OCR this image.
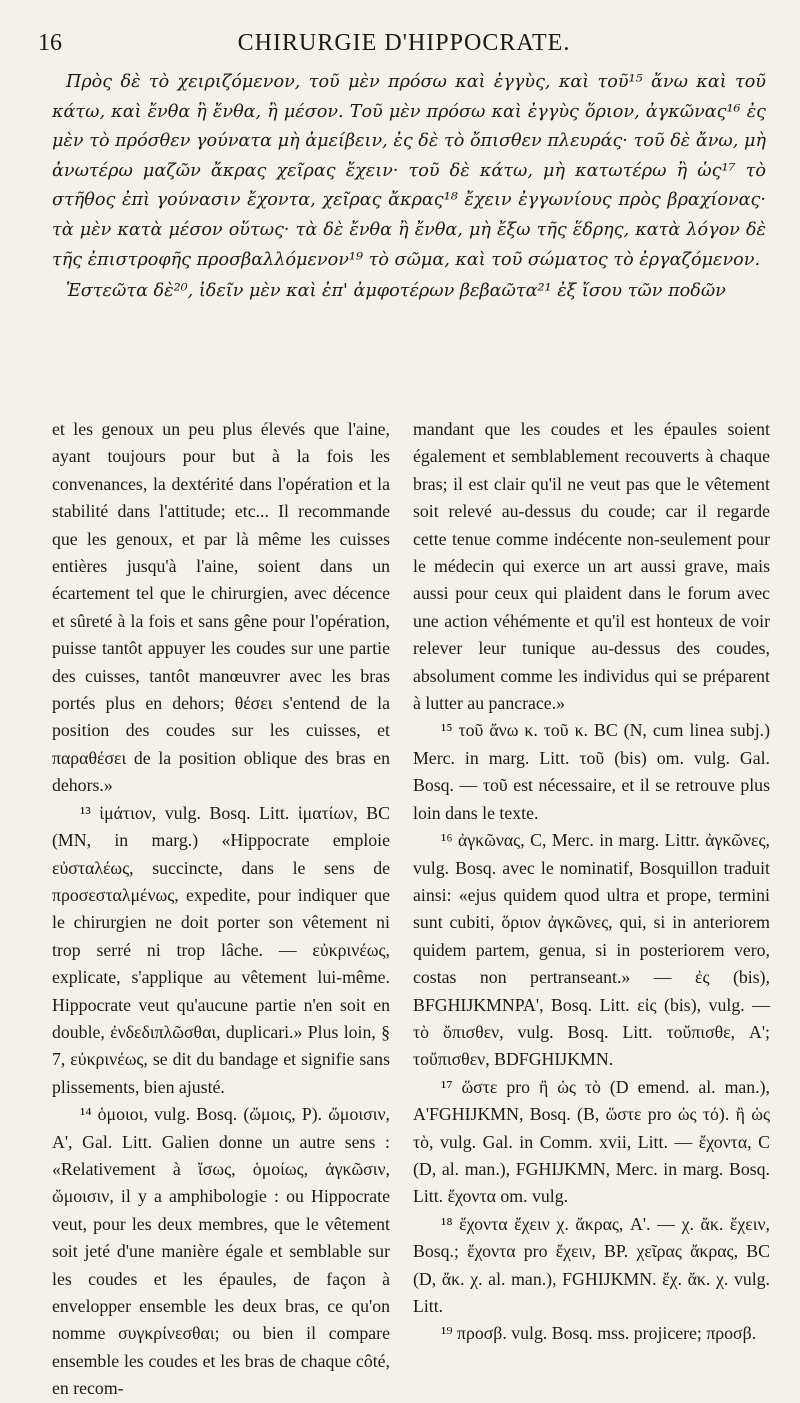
16	CHIRURGIE D'HIPPOCRATE.

Πρὸς δὲ τὸ χειριζόμενον, τοῦ μὲν πρόσω καὶ ἐγγὺς, καὶ τοῦ¹⁵ ἄνω καὶ τοῦ κάτω, καὶ ἔνθα ἢ ἔνθα, ἢ μέσον. Τοῦ μὲν πρόσω καὶ ἐγγὺς ὅριον, ἀγκῶνας¹⁶ ἐς μὲν τὸ πρόσθεν γούνατα μὴ ἀμείβειν, ἐς δὲ τὸ ὄπισθεν πλευράς· τοῦ δὲ ἄνω, μὴ ἀνωτέρω μαζῶν ἄκρας χεῖρας ἔχειν· τοῦ δὲ κάτω, μὴ κατωτέρω ἢ ὡς¹⁷ τὸ στῆθος ἐπὶ γούνασιν ἔχοντα, χεῖρας ἄκρας¹⁸ ἔχειν ἐγγωνίους πρὸς βραχίονας· τὰ μὲν κατὰ μέσον οὕτως· τὰ δὲ ἔνθα ἢ ἔνθα, μὴ ἔξω τῆς ἕδρης, κατὰ λόγον δὲ τῆς ἐπιστροφῆς προσβαλλόμενον¹⁹ τὸ σῶμα, καὶ τοῦ σώματος τὸ ἐργαζόμενον.

Ἑστεῶτα δὲ²⁰, ἰδεῖν μὲν καὶ ἐπ' ἀμφοτέρων βεβαῶτα²¹ ἐξ ἴσου τῶν ποδῶν

et les genoux un peu plus élevés que l'aine, ayant toujours pour but à la fois les convenances, la dextérité dans l'opération et la stabilité dans l'attitude; etc... Il recommande que les genoux, et par là même les cuisses entières jusqu'à l'aine, soient dans un écartement tel que le chirurgien, avec décence et sûreté à la fois et sans gêne pour l'opération, puisse tantôt appuyer les coudes sur une partie des cuisses, tantôt manœuvrer avec les bras portés plus en dehors; θέσει s'entend de la position des coudes sur les cuisses, et παραθέσει de la position oblique des bras en dehors.»

¹³ ἱμάτιον, vulg. Bosq. Litt. ἱματίων, BC (MN, in marg.) «Hippocrate emploie εὐσταλέως, succincte, dans le sens de προσεσταλμένως, expedite, pour indiquer que le chirurgien ne doit porter son vêtement ni trop serré ni trop lâche. — εὐκρινέως, explicate, s'applique au vêtement lui-même. Hippocrate veut qu'aucune partie n'en soit en double, ἐνδεδιπλῶσθαι, duplicari.» Plus loin, § 7, εὐκρινέως, se dit du bandage et signifie sans plissements, bien ajusté.

¹⁴ ὁμοιοι, vulg. Bosq. (ὤμοις, P). ὤμοισιν, A', Gal. Litt. Galien donne un autre sens : «Relativement à ἴσως, ὁμοίως, ἀγκῶσιν, ὤμοισιν, il y a amphibologie : ou Hippocrate veut, pour les deux membres, que le vêtement soit jeté d'une manière égale et semblable sur les coudes et les épaules, de façon à envelopper ensemble les deux bras, ce qu'on nomme συγκρίνεσθαι; ou bien il compare ensemble les coudes et les bras de chaque côté, en recom-

mandant que les coudes et les épaules soient également et semblablement recouverts à chaque bras; il est clair qu'il ne veut pas que le vêtement soit relevé au-dessus du coude; car il regarde cette tenue comme indécente non-seulement pour le médecin qui exerce un art aussi grave, mais aussi pour ceux qui plaident dans le forum avec une action véhémente et qu'il est honteux de voir relever leur tunique au-dessus des coudes, absolument comme les individus qui se préparent à lutter au pancrace.»

¹⁵ τοῦ ἄνω κ. τοῦ κ. BC (N, cum linea subj.) Merc. in marg. Litt. τοῦ (bis) om. vulg. Gal. Bosq. — τοῦ est nécessaire, et il se retrouve plus loin dans le texte.

¹⁶ ἀγκῶνας, C, Merc. in marg. Littr. ἀγκῶνες, vulg. Bosq. avec le nominatif, Bosquillon traduit ainsi: «ejus quidem quod ultra et prope, termini sunt cubiti, ὅριον ἀγκῶνες, qui, si in anteriorem quidem partem, genua, si in posteriorem vero, costas non pertranseant.» — ἐς (bis), BFGHIJKMNPA', Bosq. Litt. εἰς (bis), vulg. — τὸ ὄπισθεν, vulg. Bosq. Litt. τοὔπισθε, A'; τοὔπισθεν, BDFGHIJKMN.

¹⁷ ὥστε pro ἢ ὡς τὸ (D emend. al. man.), A'FGHIJKMN, Bosq. (B, ὥστε pro ὡς τό). ἢ ὡς τὸ, vulg. Gal. in Comm. xvii, Litt. — ἔχοντα, C (D, al. man.), FGHIJKMN, Merc. in marg. Bosq. Litt. ἔχοντα om. vulg.

¹⁸ ἔχοντα ἔχειν χ. ἄκρας, A'. — χ. ἄκ. ἔχειν, Bosq.; ἔχοντα pro ἔχειν, BP. χεῖρας ἄκρας, BC (D, ἄκ. χ. al. man.), FGHIJKMN. ἔχ. ἄκ. χ. vulg. Litt.

¹⁹ προσβ. vulg. Bosq. mss. projicere; προσβ.
